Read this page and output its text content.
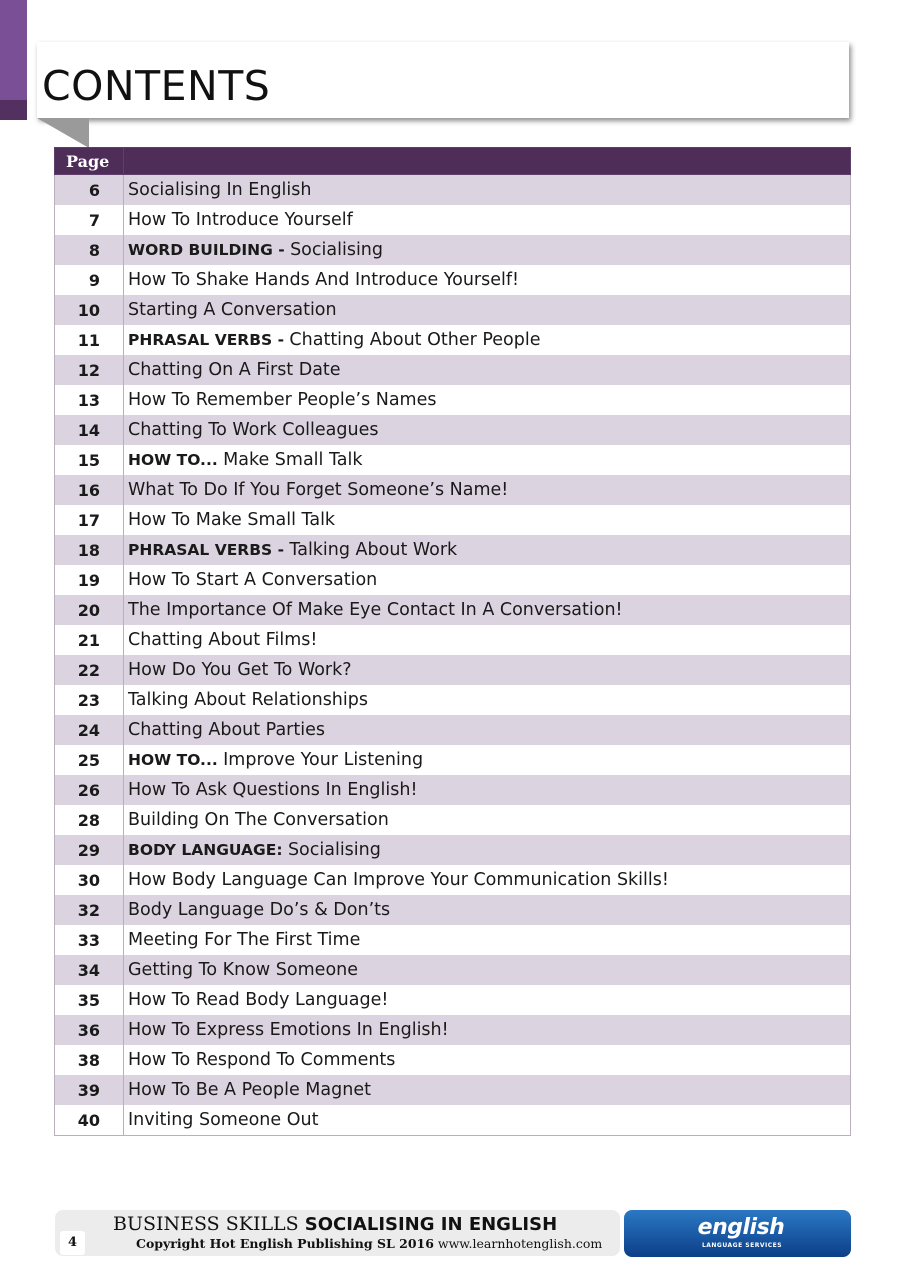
CONTENTS
Page	
6	Socialising In English
7	How To Introduce Yourself
8	WORD BUILDING - Socialising
9	How To Shake Hands And Introduce Yourself!
10	Starting A Conversation
11	PHRASAL VERBS - Chatting About Other People
12	Chatting On A First Date
13	How To Remember People’s Names
14	Chatting To Work Colleagues
15	HOW TO... Make Small Talk
16	What To Do If You Forget Someone’s Name!
17	How To Make Small Talk
18	PHRASAL VERBS - Talking About Work
19	How To Start A Conversation
20	The Importance Of Make Eye Contact In A Conversation!
21	Chatting About Films!
22	How Do You Get To Work?
23	Talking About Relationships
24	Chatting About Parties
25	HOW TO... Improve Your Listening
26	How To Ask Questions In English!
28	Building On The Conversation
29	BODY LANGUAGE: Socialising
30	How Body Language Can Improve Your Communication Skills!
32	Body Language Do’s & Don’ts
33	Meeting For The First Time
34	Getting To Know Someone
35	How To Read Body Language!
36	How To Express Emotions In English!
38	How To Respond To Comments
39	How To Be A People Magnet
40	Inviting Someone Out
4
BUSINESS SKILLS SOCIALISING IN ENGLISH
Copyright Hot English Publishing SL 2016 www.learnhotenglish.com
english
LANGUAGE SERVICES
